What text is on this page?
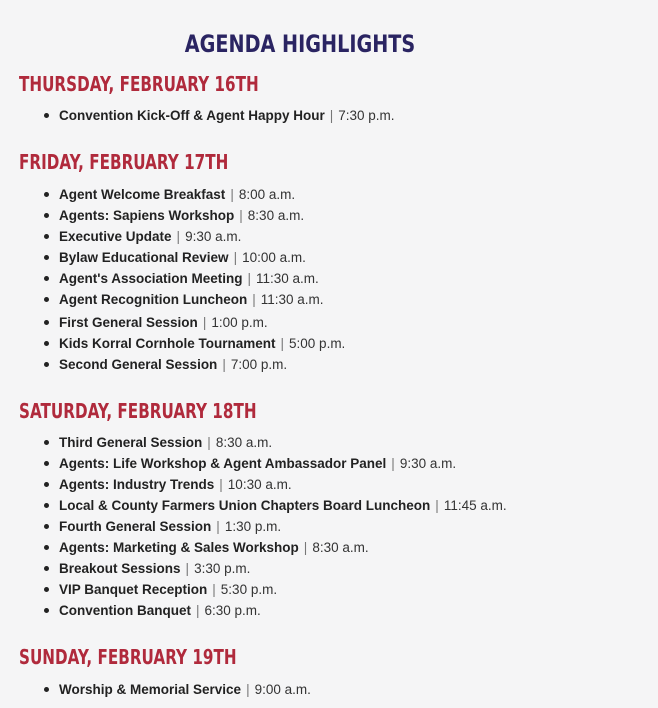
AGENDA HIGHLIGHTS
THURSDAY, FEBRUARY 16TH
Convention Kick-Off & Agent Happy Hour | 7:30 p.m.
FRIDAY, FEBRUARY 17TH
Agent Welcome Breakfast | 8:00 a.m.
Agents: Sapiens Workshop | 8:30 a.m.
Executive Update | 9:30 a.m.
Bylaw Educational Review | 10:00 a.m.
Agent's Association Meeting | 11:30 a.m.
Agent Recognition Luncheon | 11:30 a.m.
First General Session | 1:00 p.m.
Kids Korral Cornhole Tournament | 5:00 p.m.
Second General Session | 7:00 p.m.
SATURDAY, FEBRUARY 18TH
Third General Session | 8:30 a.m.
Agents: Life Workshop & Agent Ambassador Panel | 9:30 a.m.
Agents: Industry Trends | 10:30 a.m.
Local & County Farmers Union Chapters Board Luncheon | 11:45 a.m.
Fourth General Session | 1:30 p.m.
Agents: Marketing & Sales Workshop | 8:30 a.m.
Breakout Sessions | 3:30 p.m.
VIP Banquet Reception | 5:30 p.m.
Convention Banquet | 6:30 p.m.
SUNDAY, FEBRUARY 19TH
Worship & Memorial Service | 9:00 a.m.
